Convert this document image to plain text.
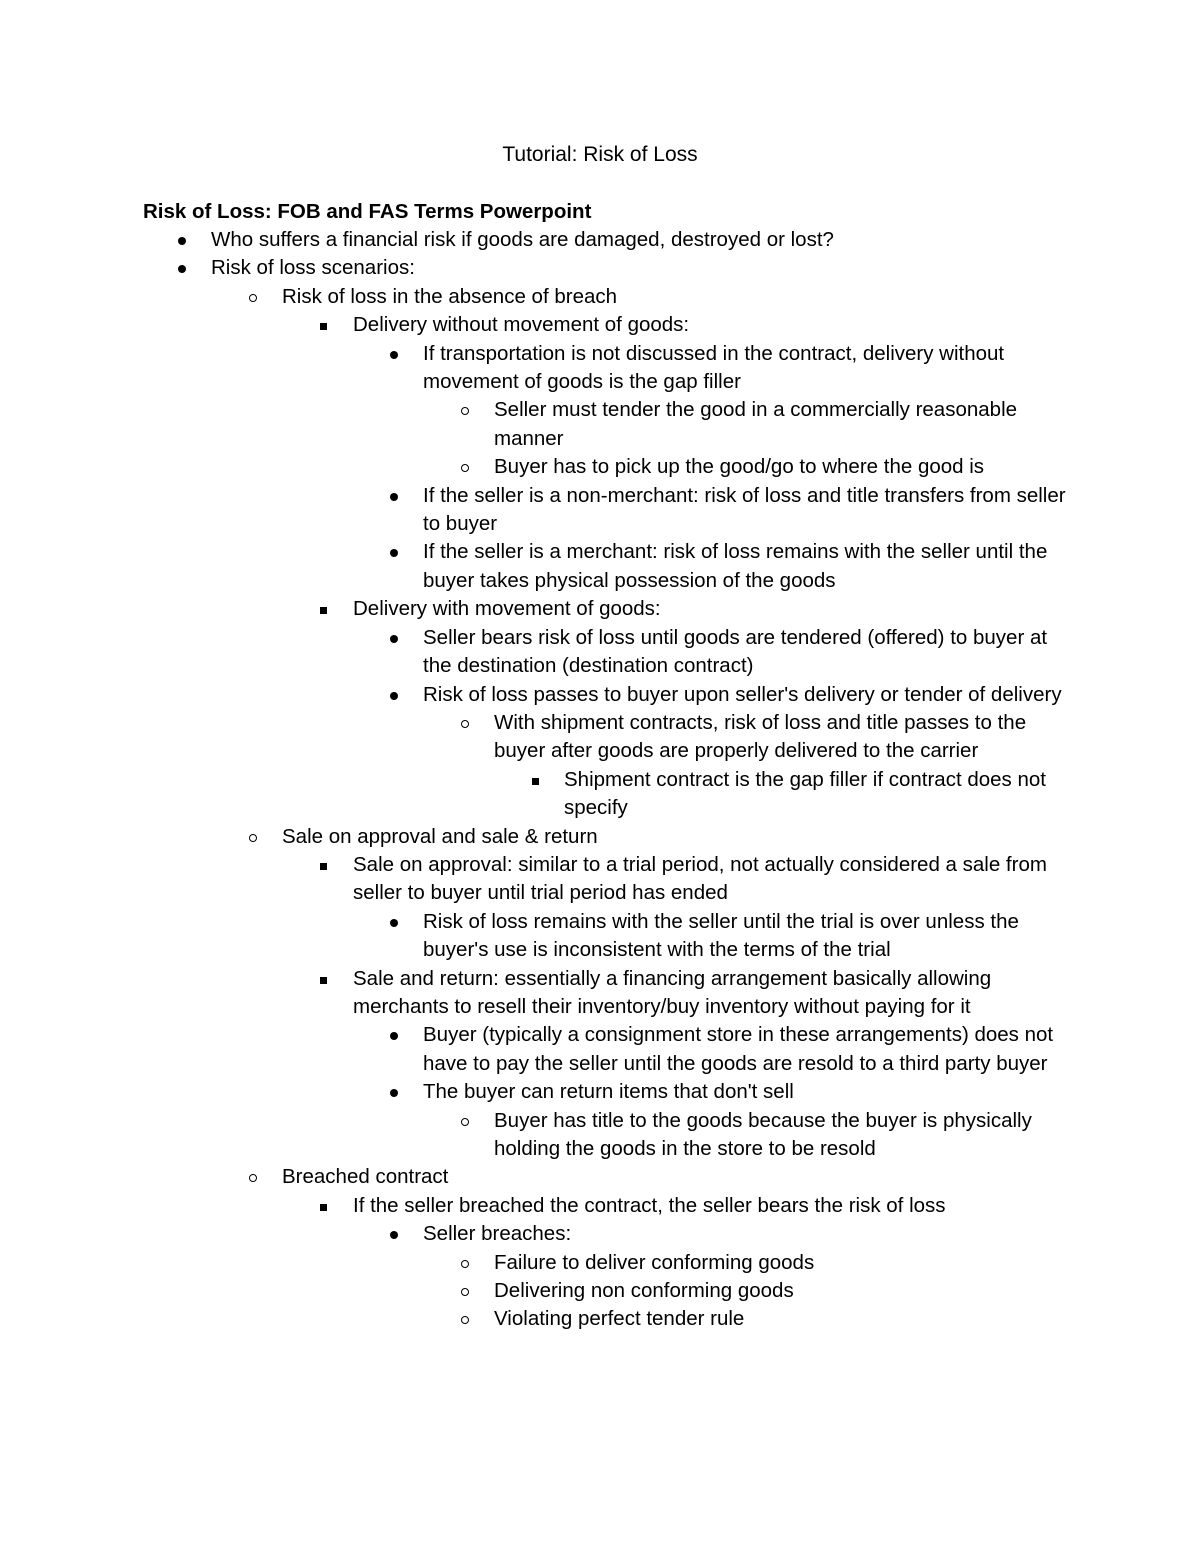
Tutorial: Risk of Loss
Risk of Loss: FOB and FAS Terms Powerpoint
Who suffers a financial risk if goods are damaged, destroyed or lost?
Risk of loss scenarios:
Risk of loss in the absence of breach
Delivery without movement of goods:
If transportation is not discussed in the contract, delivery without movement of goods is the gap filler
Seller must tender the good in a commercially reasonable manner
Buyer has to pick up the good/go to where the good is
If the seller is a non-merchant: risk of loss and title transfers from seller to buyer
If the seller is a merchant: risk of loss remains with the seller until the buyer takes physical possession of the goods
Delivery with movement of goods:
Seller bears risk of loss until goods are tendered (offered) to buyer at the destination (destination contract)
Risk of loss passes to buyer upon seller's delivery or tender of delivery
With shipment contracts, risk of loss and title passes to the buyer after goods are properly delivered to the carrier
Shipment contract is the gap filler if contract does not specify
Sale on approval and sale & return
Sale on approval: similar to a trial period, not actually considered a sale from seller to buyer until trial period has ended
Risk of loss remains with the seller until the trial is over unless the buyer's use is inconsistent with the terms of the trial
Sale and return: essentially a financing arrangement basically allowing merchants to resell their inventory/buy inventory without paying for it
Buyer (typically a consignment store in these arrangements) does not have to pay the seller until the goods are resold to a third party buyer
The buyer can return items that don't sell
Buyer has title to the goods because the buyer is physically holding the goods in the store to be resold
Breached contract
If the seller breached the contract, the seller bears the risk of loss
Seller breaches:
Failure to deliver conforming goods
Delivering non conforming goods
Violating perfect tender rule
